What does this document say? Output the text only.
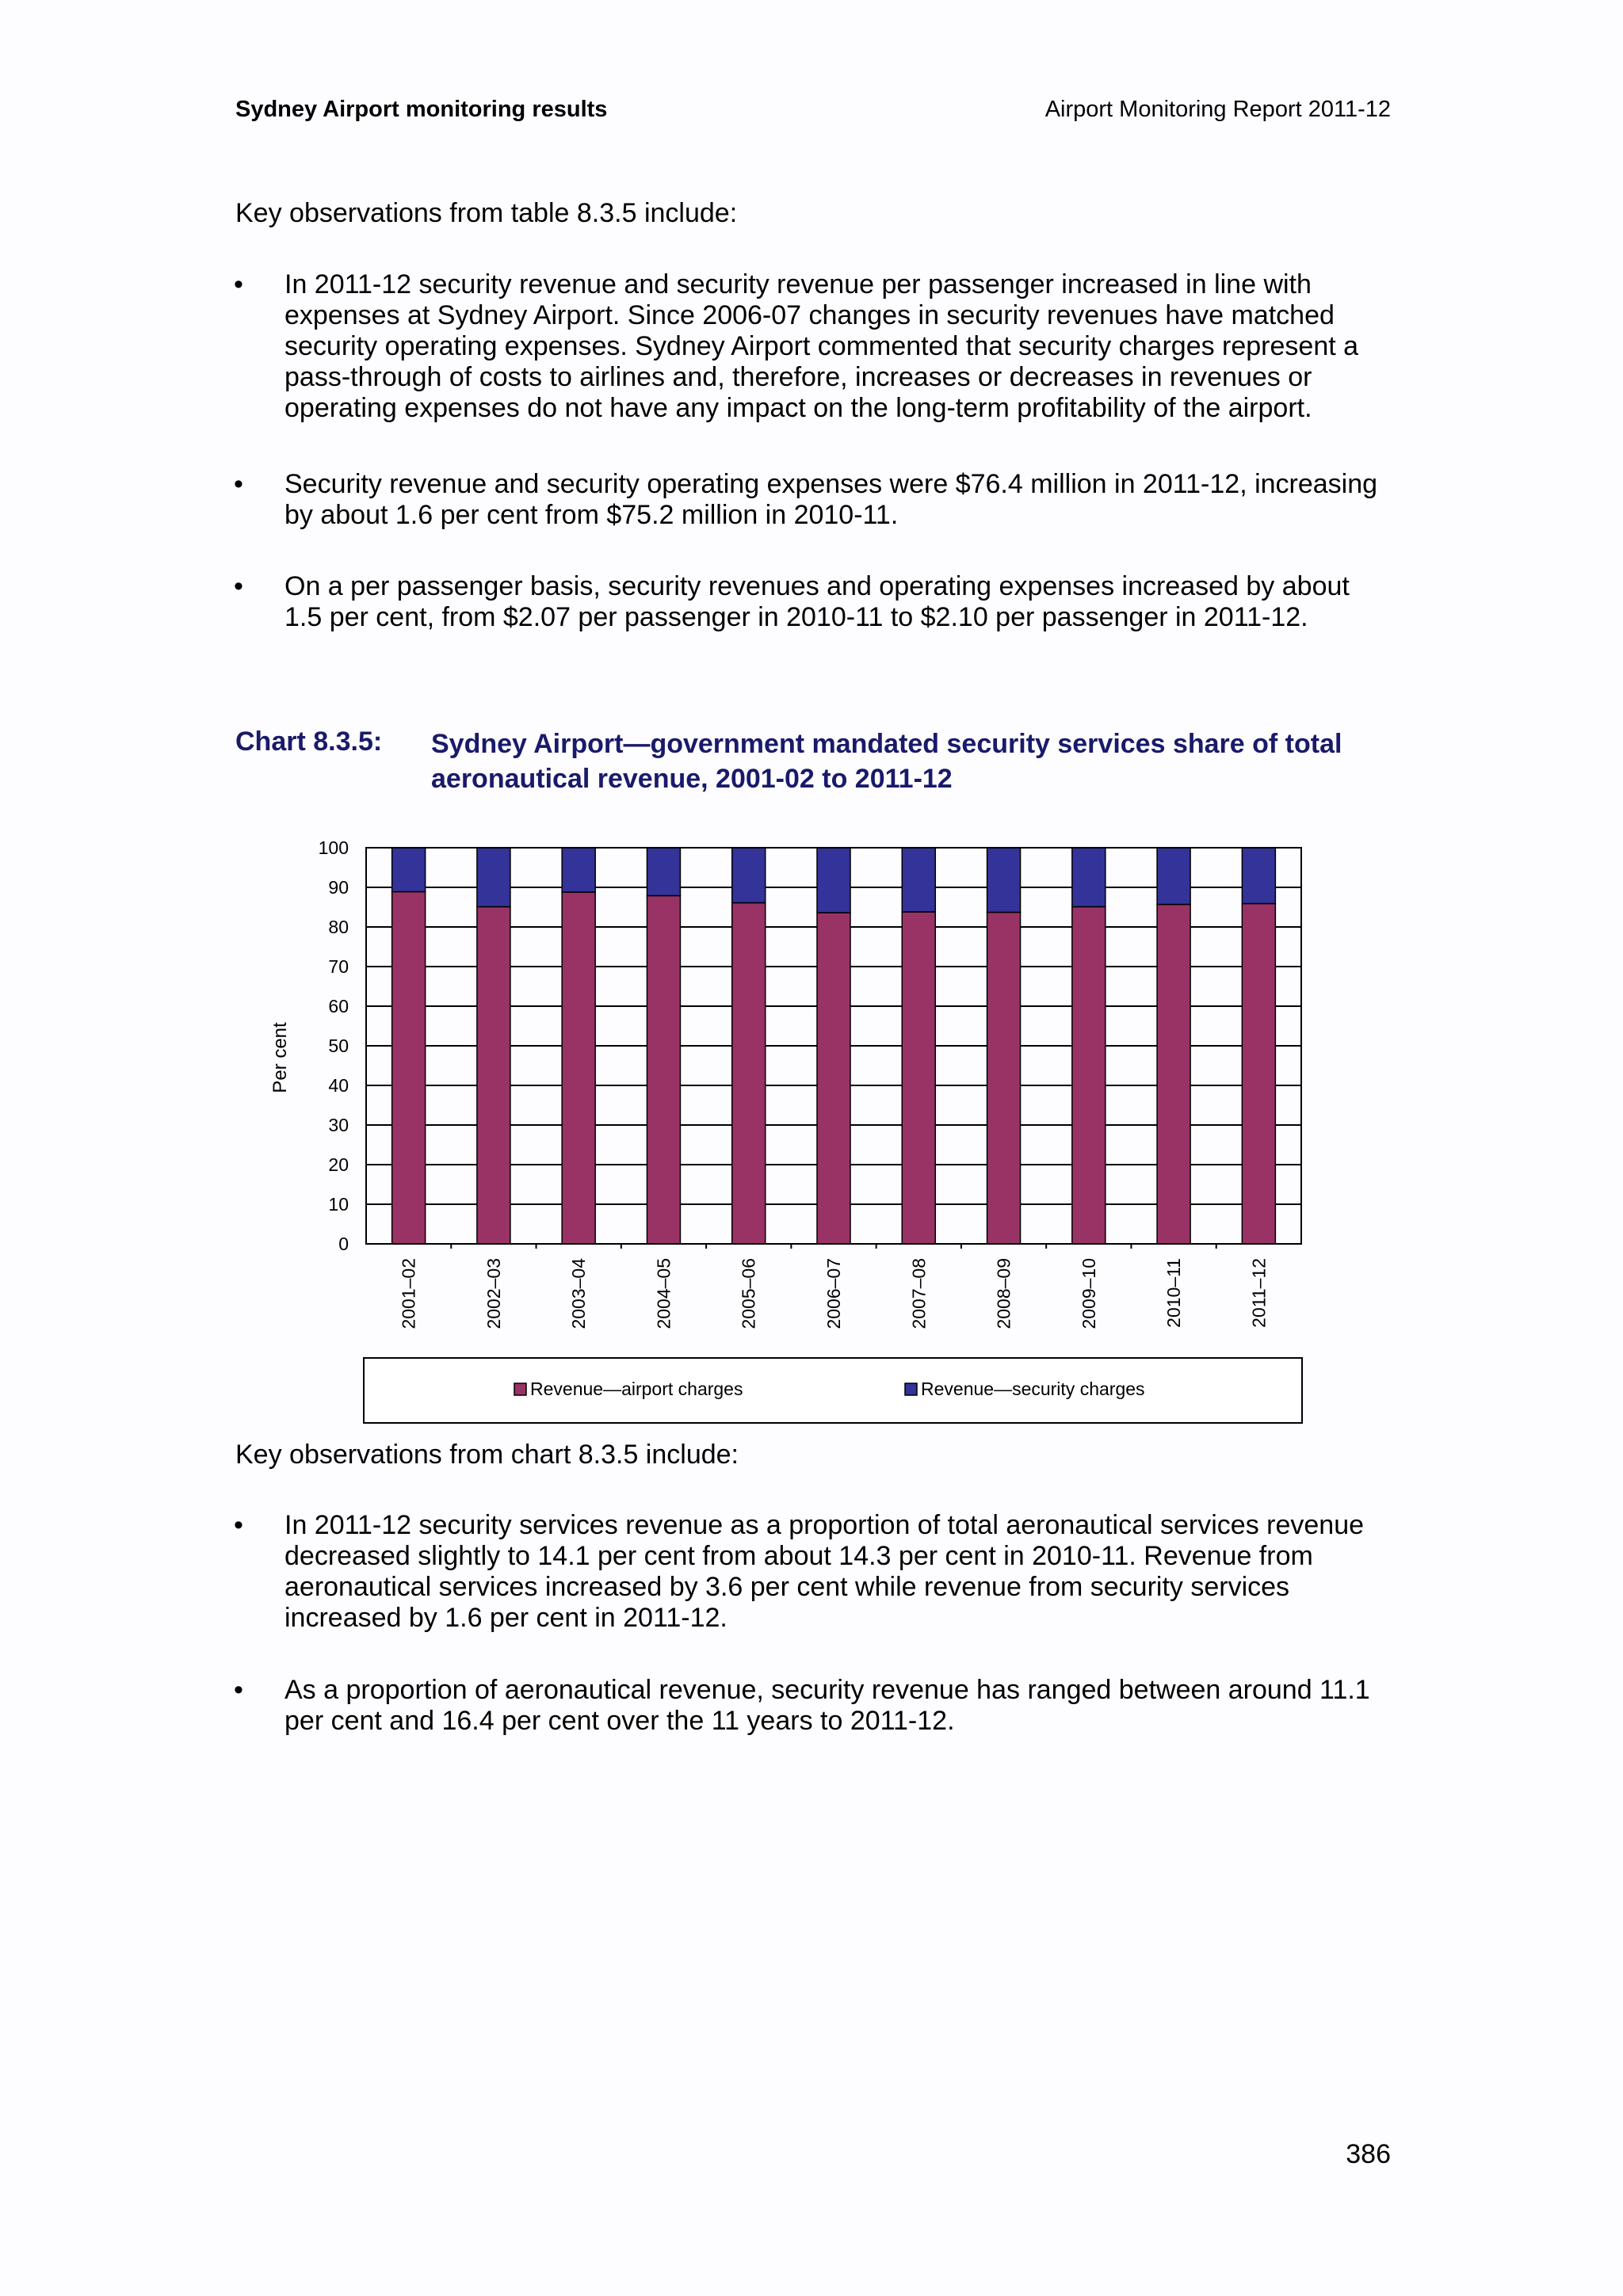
Sydney Airport monitoring results	Airport Monitoring Report 2011-12
Key observations from table 8.3.5 include:
•	In 2011-12 security revenue and security revenue per passenger increased in line with expenses at Sydney Airport. Since 2006-07 changes in security revenues have matched security operating expenses. Sydney Airport commented that security charges represent a pass-through of costs to airlines and, therefore, increases or decreases in revenues or operating expenses do not have any impact on the long-term profitability of the airport.
•	Security revenue and security operating expenses were $76.4 million in 2011-12, increasing by about 1.6 per cent from $75.2 million in 2010-11.
•	On a per passenger basis, security revenues and operating expenses increased by about 1.5 per cent, from $2.07 per passenger in 2010-11 to $2.10 per passenger in 2011-12.
Chart 8.3.5: Sydney Airport—government mandated security services share of total aeronautical revenue, 2001-02 to 2011-12
0
10
20
30
40
50
60
70
80
90
100
2001–02	2002–03	2003–04	2004–05	2005–06	2006–07	2007–08	2008–09	2009–10	2010–11	2011–12
Per cent
Revenue—airport charges	Revenue—security charges
Key observations from chart 8.3.5 include:
•	In 2011-12 security services revenue as a proportion of total aeronautical services revenue decreased slightly to 14.1 per cent from about 14.3 per cent in 2010-11. Revenue from aeronautical services increased by 3.6 per cent while revenue from security services increased by 1.6 per cent in 2011-12.
•	As a proportion of aeronautical revenue, security revenue has ranged between around 11.1 per cent and 16.4 per cent over the 11 years to 2011-12.
386
